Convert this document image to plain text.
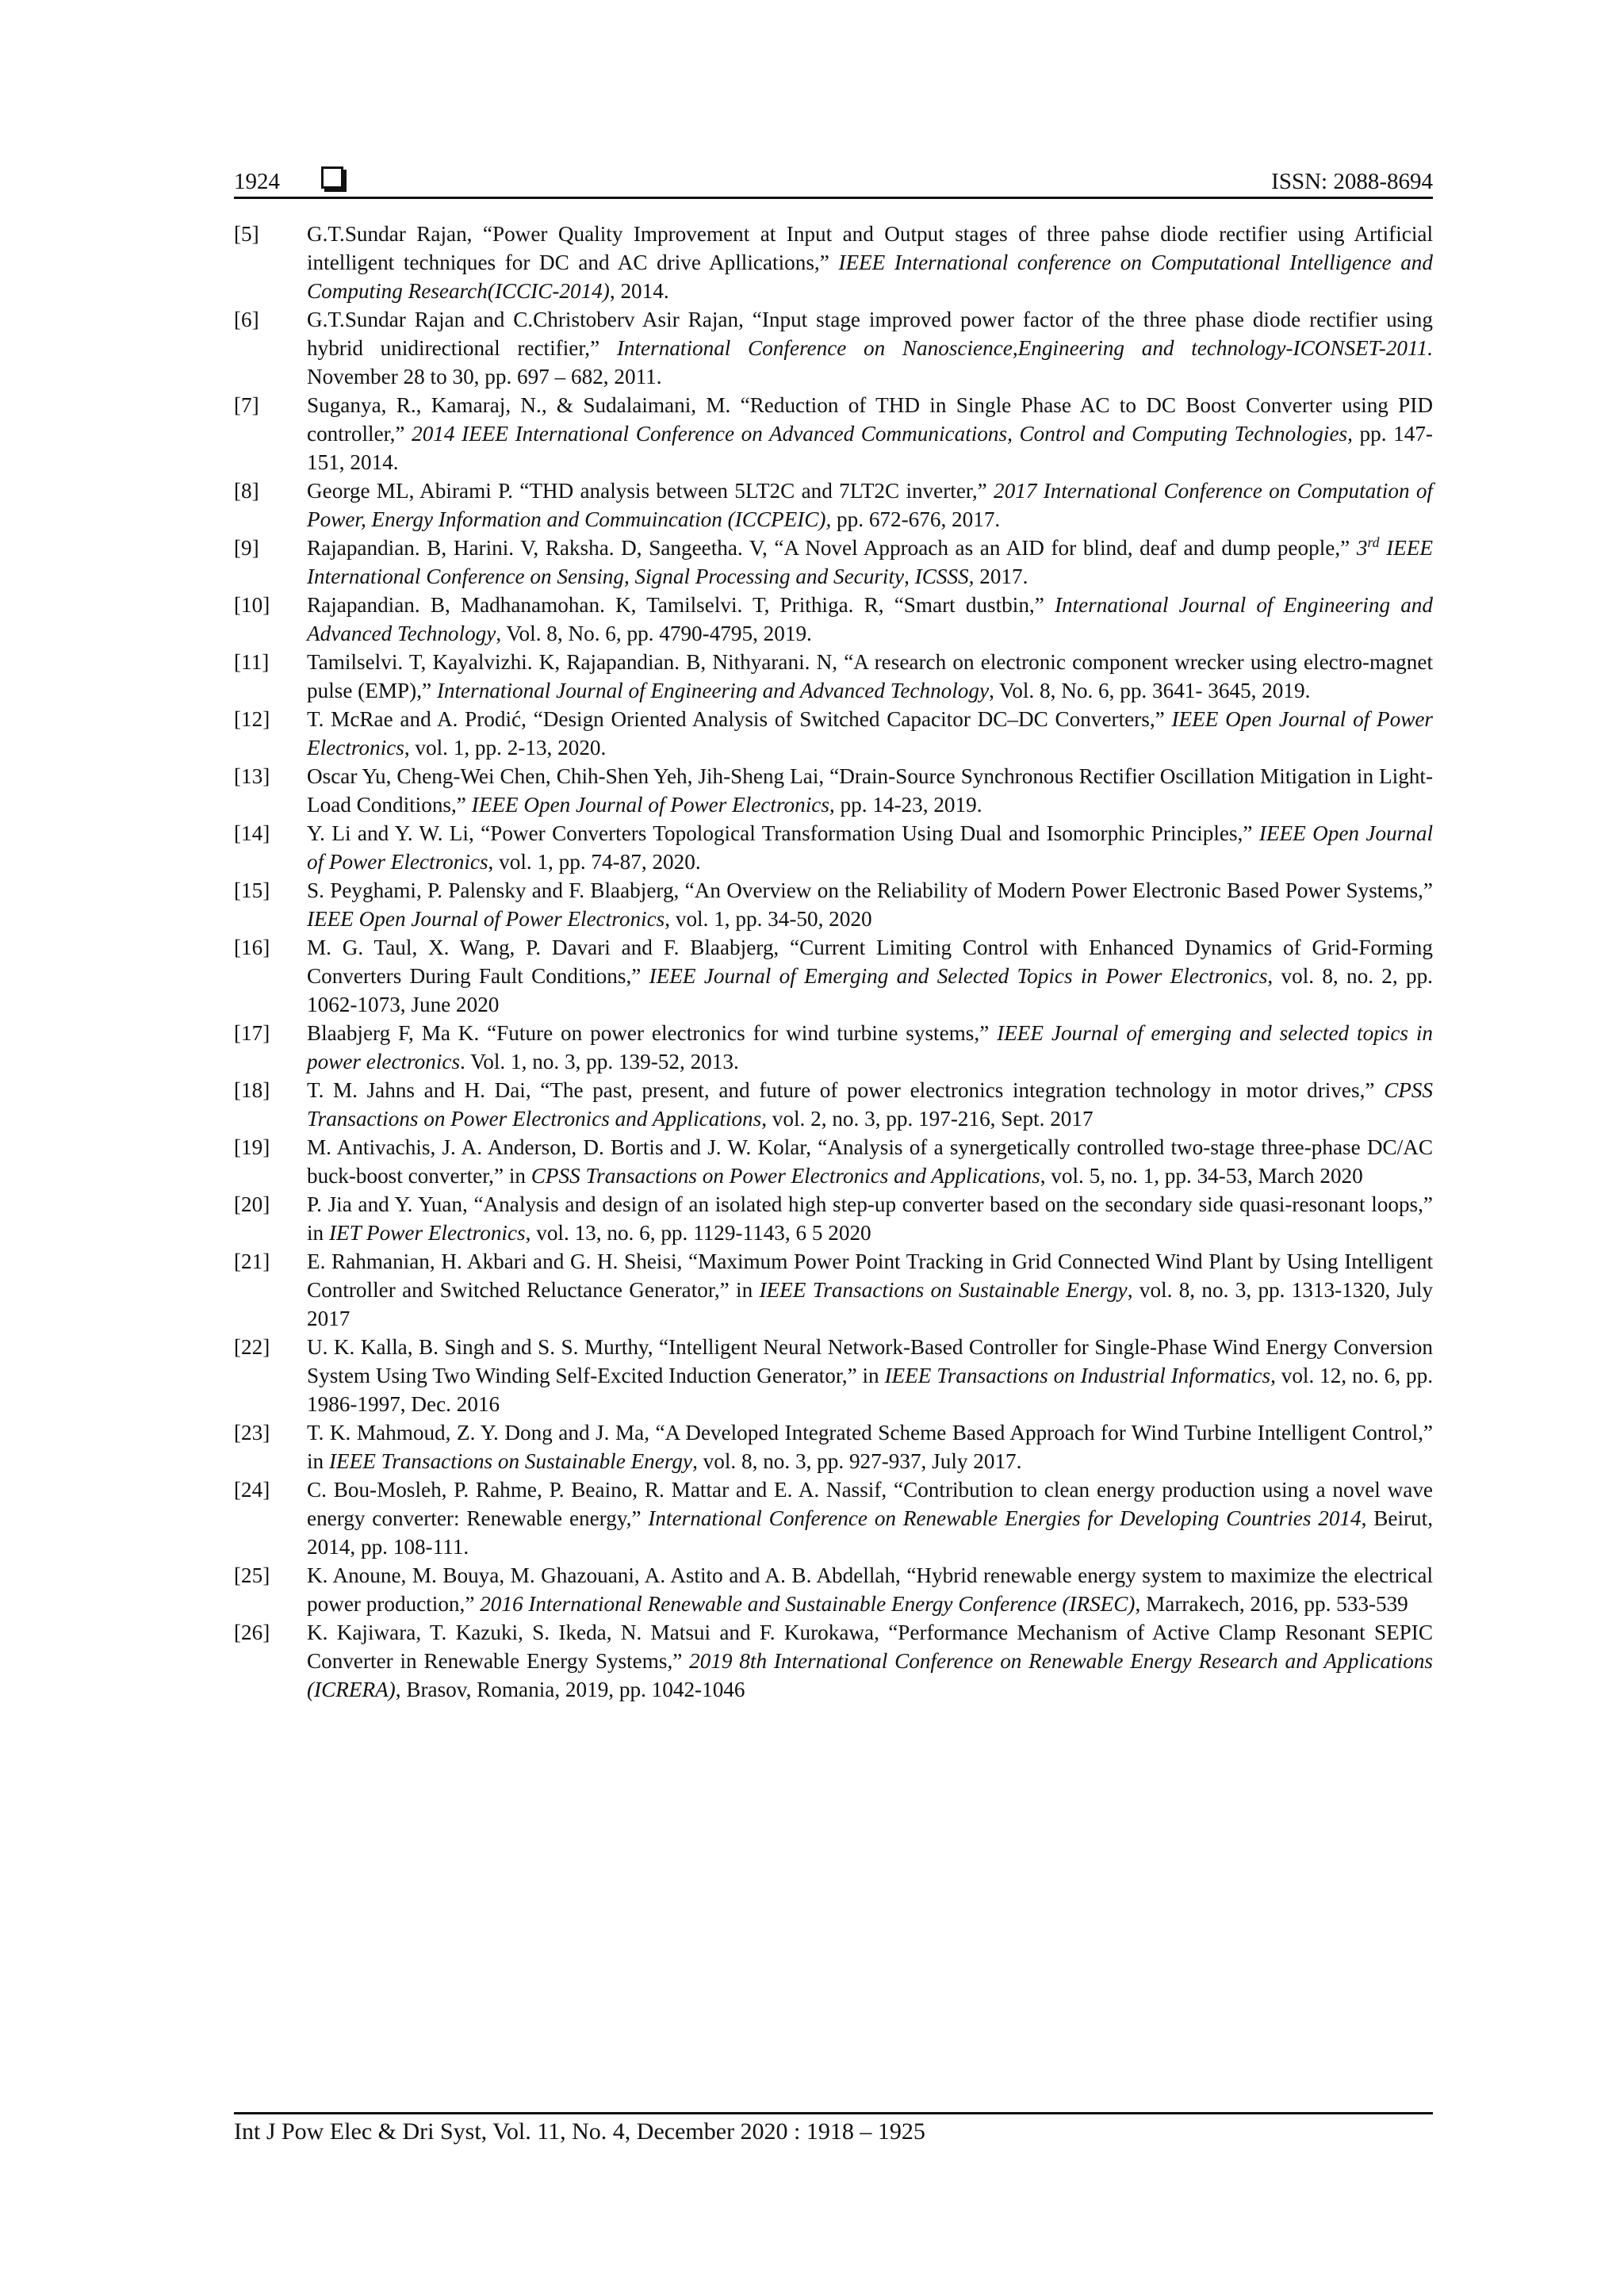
1924	ISSN: 2088-8694
[5]	G.T.Sundar Rajan, “Power Quality Improvement at Input and Output stages of three pahse diode rectifier using Artificial intelligent techniques for DC and AC drive Apllications,” IEEE International conference on Computational Intelligence and Computing Research(ICCIC-2014), 2014.
[6]	G.T.Sundar Rajan and C.Christoberv Asir Rajan, “Input stage improved power factor of the three phase diode rectifier using hybrid unidirectional rectifier,” International Conference on Nanoscience,Engineering and technology-ICONSET-2011. November 28 to 30, pp. 697 – 682, 2011.
[7]	Suganya, R., Kamaraj, N., & Sudalaimani, M. “Reduction of THD in Single Phase AC to DC Boost Converter using PID controller,” 2014 IEEE International Conference on Advanced Communications, Control and Computing Technologies, pp. 147-151, 2014.
[8]	George ML, Abirami P. “THD analysis between 5LT2C and 7LT2C inverter,” 2017 International Conference on Computation of Power, Energy Information and Commuincation (ICCPEIC), pp. 672-676, 2017.
[9]	Rajapandian. B, Harini. V, Raksha. D, Sangeetha. V, “A Novel Approach as an AID for blind, deaf and dump people,” 3rd IEEE International Conference on Sensing, Signal Processing and Security, ICSSS, 2017.
[10]	Rajapandian. B, Madhanamohan. K, Tamilselvi. T, Prithiga. R, “Smart dustbin,” International Journal of Engineering and Advanced Technology, Vol. 8, No. 6, pp. 4790-4795, 2019.
[11]	Tamilselvi. T, Kayalvizhi. K, Rajapandian. B, Nithyarani. N, “A research on electronic component wrecker using electro-magnet pulse (EMP),” International Journal of Engineering and Advanced Technology, Vol. 8, No. 6, pp. 3641- 3645, 2019.
[12]	T. McRae and A. Prodić, “Design Oriented Analysis of Switched Capacitor DC–DC Converters,” IEEE Open Journal of Power Electronics, vol. 1, pp. 2-13, 2020.
[13]	Oscar Yu, Cheng-Wei Chen, Chih-Shen Yeh, Jih-Sheng Lai, “Drain-Source Synchronous Rectifier Oscillation Mitigation in Light-Load Conditions,” IEEE Open Journal of Power Electronics, pp. 14-23, 2019.
[14]	Y. Li and Y. W. Li, “Power Converters Topological Transformation Using Dual and Isomorphic Principles,” IEEE Open Journal of Power Electronics, vol. 1, pp. 74-87, 2020.
[15]	S. Peyghami, P. Palensky and F. Blaabjerg, “An Overview on the Reliability of Modern Power Electronic Based Power Systems,” IEEE Open Journal of Power Electronics, vol. 1, pp. 34-50, 2020
[16]	M. G. Taul, X. Wang, P. Davari and F. Blaabjerg, “Current Limiting Control with Enhanced Dynamics of Grid-Forming Converters During Fault Conditions,” IEEE Journal of Emerging and Selected Topics in Power Electronics, vol. 8, no. 2, pp. 1062-1073, June 2020
[17]	Blaabjerg F, Ma K. “Future on power electronics for wind turbine systems,” IEEE Journal of emerging and selected topics in power electronics. Vol. 1, no. 3, pp. 139-52, 2013.
[18]	T. M. Jahns and H. Dai, “The past, present, and future of power electronics integration technology in motor drives,” CPSS Transactions on Power Electronics and Applications, vol. 2, no. 3, pp. 197-216, Sept. 2017
[19]	M. Antivachis, J. A. Anderson, D. Bortis and J. W. Kolar, “Analysis of a synergetically controlled two-stage three-phase DC/AC buck-boost converter,” in CPSS Transactions on Power Electronics and Applications, vol. 5, no. 1, pp. 34-53, March 2020
[20]	P. Jia and Y. Yuan, “Analysis and design of an isolated high step-up converter based on the secondary side quasi-resonant loops,” in IET Power Electronics, vol. 13, no. 6, pp. 1129-1143, 6 5 2020
[21]	E. Rahmanian, H. Akbari and G. H. Sheisi, “Maximum Power Point Tracking in Grid Connected Wind Plant by Using Intelligent Controller and Switched Reluctance Generator,” in IEEE Transactions on Sustainable Energy, vol. 8, no. 3, pp. 1313-1320, July 2017
[22]	U. K. Kalla, B. Singh and S. S. Murthy, “Intelligent Neural Network-Based Controller for Single-Phase Wind Energy Conversion System Using Two Winding Self-Excited Induction Generator,” in IEEE Transactions on Industrial Informatics, vol. 12, no. 6, pp. 1986-1997, Dec. 2016
[23]	T. K. Mahmoud, Z. Y. Dong and J. Ma, “A Developed Integrated Scheme Based Approach for Wind Turbine Intelligent Control,” in IEEE Transactions on Sustainable Energy, vol. 8, no. 3, pp. 927-937, July 2017.
[24]	C. Bou-Mosleh, P. Rahme, P. Beaino, R. Mattar and E. A. Nassif, “Contribution to clean energy production using a novel wave energy converter: Renewable energy,” International Conference on Renewable Energies for Developing Countries 2014, Beirut, 2014, pp. 108-111.
[25]	K. Anoune, M. Bouya, M. Ghazouani, A. Astito and A. B. Abdellah, “Hybrid renewable energy system to maximize the electrical power production,” 2016 International Renewable and Sustainable Energy Conference (IRSEC), Marrakech, 2016, pp. 533-539
[26]	K. Kajiwara, T. Kazuki, S. Ikeda, N. Matsui and F. Kurokawa, “Performance Mechanism of Active Clamp Resonant SEPIC Converter in Renewable Energy Systems,” 2019 8th International Conference on Renewable Energy Research and Applications (ICRERA), Brasov, Romania, 2019, pp. 1042-1046
Int J Pow Elec & Dri Syst, Vol. 11, No. 4, December 2020 : 1918 – 1925
